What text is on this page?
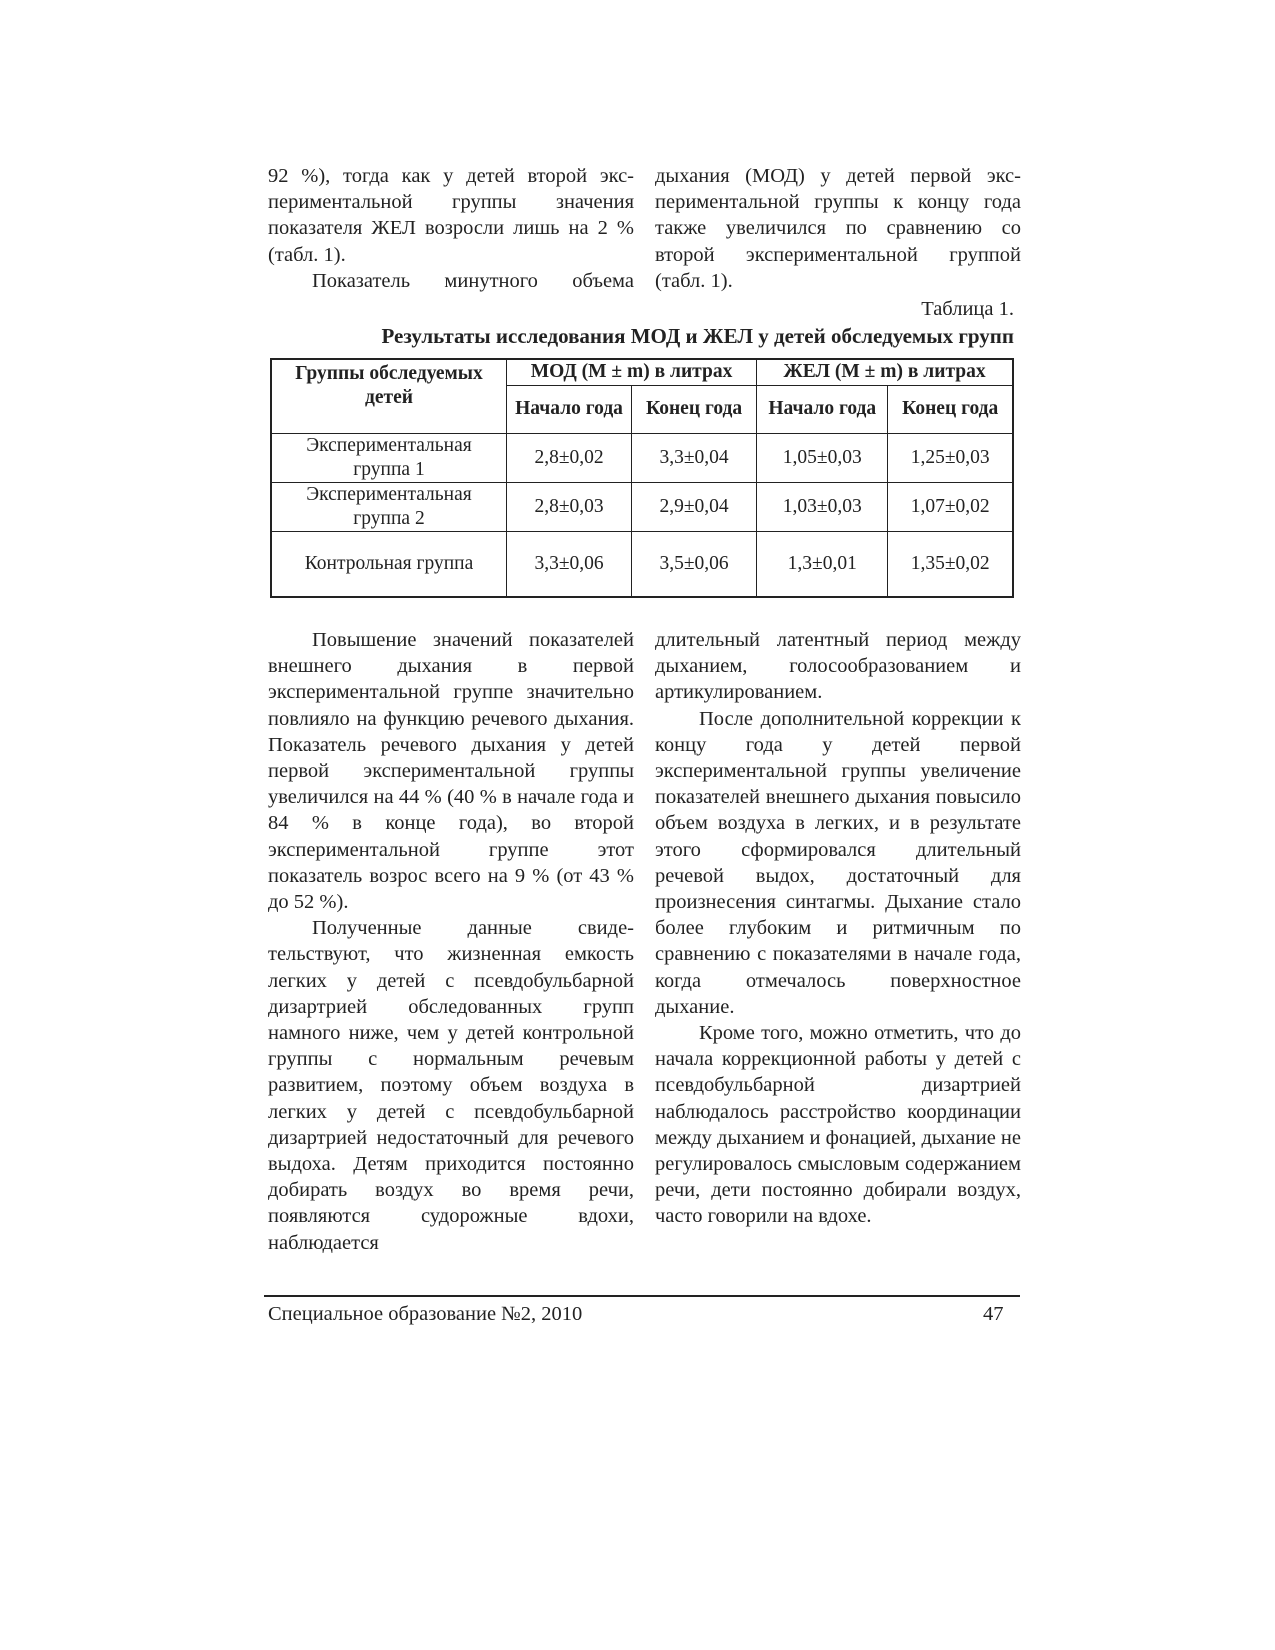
92 %), тогда как у детей второй экспериментальной группы значения показателя ЖЕЛ возросли лишь на 2 % (табл. 1).

Показатель минутного объема

дыхания (МОД) у детей первой экспериментальной группы к концу года также увеличился по сравнению со второй экспериментальной группой (табл. 1).

Таблица 1.
Результаты исследования МОД и ЖЕЛ у детей обследуемых групп
Группы обследуемых детей	МОД (М ± m) в литрах		ЖЕЛ (М ± m) в литрах	
	Начало года	Конец года	Начало года	Конец года
Экспериментальная группа 1	2,8±0,02	3,3±0,04	1,05±0,03	1,25±0,03
Экспериментальная группа 2	2,8±0,03	2,9±0,04	1,03±0,03	1,07±0,02
Контрольная группа	3,3±0,06	3,5±0,06	1,3±0,01	1,35±0,02

Повышение значений показателей внешнего дыхания в первой экспериментальной группе значительно повлияло на функцию речевого дыхания. Показатель речевого дыхания у детей первой экспериментальной группы увеличился на 44 % (40 % в начале года и 84 % в конце года), во второй экспериментальной группе этот показатель возрос всего на 9 % (от 43 % до 52 %).

Полученные данные свидетельствуют, что жизненная емкость легких у детей с псевдобульбарной дизартрией обследованных групп намного ниже, чем у детей контрольной группы с нормальным речевым развитием, поэтому объем воздуха в легких у детей с псевдобульбарной дизартрией недостаточный для речевого выдоха. Детям приходится постоянно добирать воздух во время речи, появляются судорожные вдохи, наблюдается

длительный латентный период между дыханием, голосообразованием и артикулированием.

После дополнительной коррекции к концу года у детей первой экспериментальной группы увеличение показателей внешнего дыхания повысило объем воздуха в легких, и в результате этого сформировался длительный речевой выдох, достаточный для произнесения синтагмы. Дыхание стало более глубоким и ритмичным по сравнению с показателями в начале года, когда отмечалось поверхностное дыхание.

Кроме того, можно отметить, что до начала коррекционной работы у детей с псевдобульбарной дизартрией наблюдалось расстройство координации между дыханием и фонацией, дыхание не регулировалось смысловым содержанием речи, дети постоянно добирали воздух, часто говорили на вдохе.

Специальное образование №2, 2010	47
